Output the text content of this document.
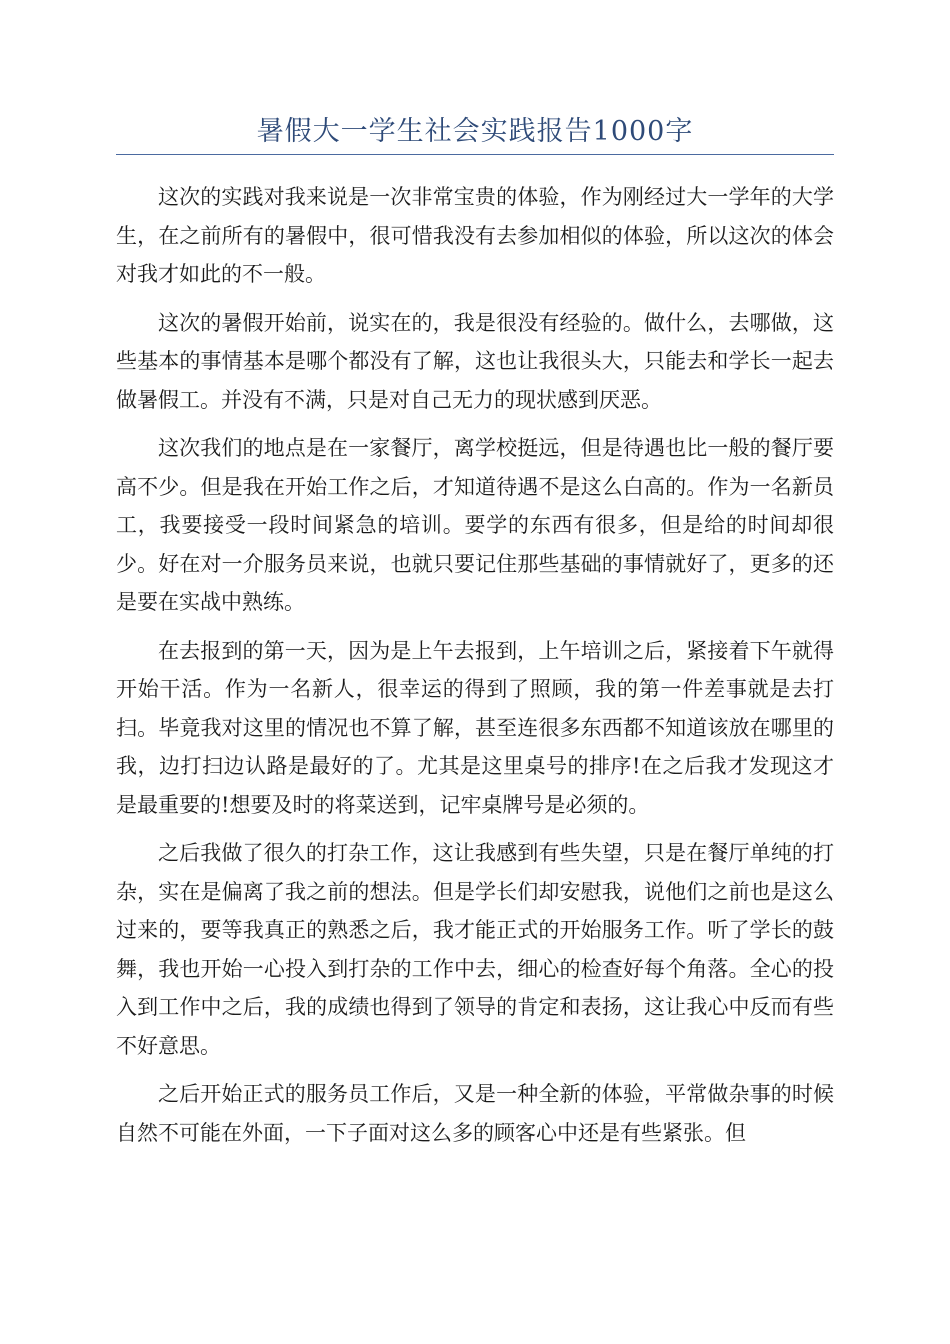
暑假大一学生社会实践报告1000字

这次的实践对我来说是一次非常宝贵的体验，作为刚经过大一学年的大学生，在之前所有的暑假中，很可惜我没有去参加相似的体验，所以这次的体会对我才如此的不一般。

这次的暑假开始前，说实在的，我是很没有经验的。做什么，去哪做，这些基本的事情基本是哪个都没有了解，这也让我很头大，只能去和学长一起去做暑假工。并没有不满，只是对自己无力的现状感到厌恶。

这次我们的地点是在一家餐厅，离学校挺远，但是待遇也比一般的餐厅要高不少。但是我在开始工作之后，才知道待遇不是这么白高的。作为一名新员工，我要接受一段时间紧急的培训。要学的东西有很多，但是给的时间却很少。好在对一介服务员来说，也就只要记住那些基础的事情就好了，更多的还是要在实战中熟练。

在去报到的第一天，因为是上午去报到，上午培训之后，紧接着下午就得开始干活。作为一名新人，很幸运的得到了照顾，我的第一件差事就是去打扫。毕竟我对这里的情况也不算了解，甚至连很多东西都不知道该放在哪里的我，边打扫边认路是最好的了。尤其是这里桌号的排序!在之后我才发现这才是最重要的!想要及时的将菜送到，记牢桌牌号是必须的。

之后我做了很久的打杂工作，这让我感到有些失望，只是在餐厅单纯的打杂，实在是偏离了我之前的想法。但是学长们却安慰我，说他们之前也是这么过来的，要等我真正的熟悉之后，我才能正式的开始服务工作。听了学长的鼓舞，我也开始一心投入到打杂的工作中去，细心的检查好每个角落。全心的投入到工作中之后，我的成绩也得到了领导的肯定和表扬，这让我心中反而有些不好意思。

之后开始正式的服务员工作后，又是一种全新的体验，平常做杂事的时候自然不可能在外面，一下子面对这么多的顾客心中还是有些紧张。但
